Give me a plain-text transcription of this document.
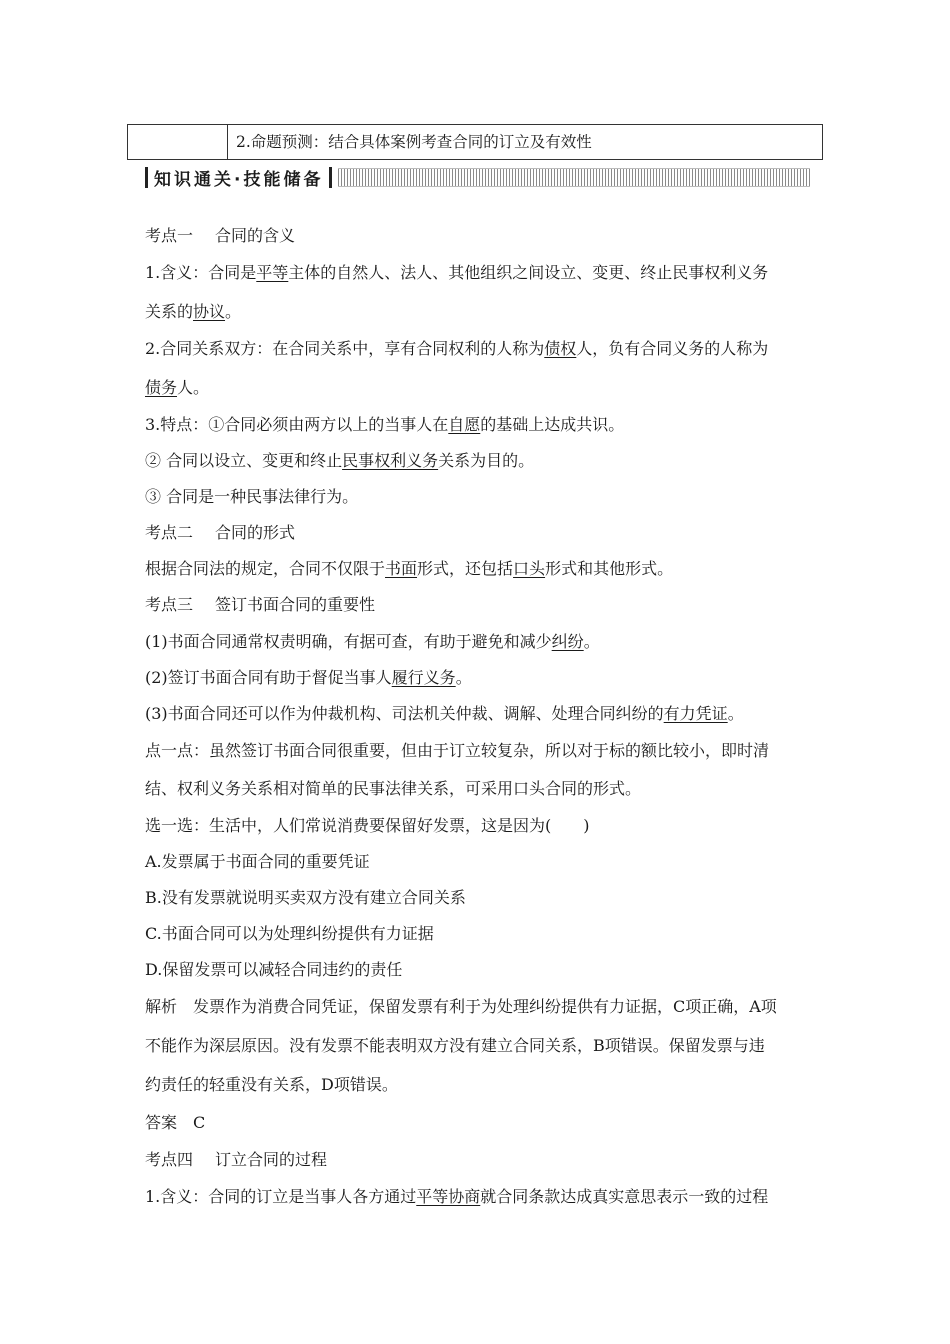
2.命题预测：结合具体案例考查合同的订立及有效性
知识通关·技能储备
考点一 合同的含义
1.含义：合同是平等主体的自然人、法人、其他组织之间设立、变更、终止民事权利义务
关系的协议。
2.合同关系双方：在合同关系中，享有合同权利的人称为债权人，负有合同义务的人称为
债务人。
3.特点：①合同必须由两方以上的当事人在自愿的基础上达成共识。
② 合同以设立、变更和终止民事权利义务关系为目的。
③ 合同是一种民事法律行为。
考点二 合同的形式
根据合同法的规定，合同不仅限于书面形式，还包括口头形式和其他形式。
考点三 签订书面合同的重要性
(1)书面合同通常权责明确，有据可查，有助于避免和减少纠纷。
(2)签订书面合同有助于督促当事人履行义务。
(3)书面合同还可以作为仲裁机构、司法机关仲裁、调解、处理合同纠纷的有力凭证。
点一点：虽然签订书面合同很重要，但由于订立较复杂，所以对于标的额比较小，即时清
结、权利义务关系相对简单的民事法律关系，可采用口头合同的形式。
选一选：生活中，人们常说消费要保留好发票，这是因为(　　)
A.发票属于书面合同的重要凭证
B.没有发票就说明买卖双方没有建立合同关系
C.书面合同可以为处理纠纷提供有力证据
D.保留发票可以减轻合同违约的责任
解析　发票作为消费合同凭证，保留发票有利于为处理纠纷提供有力证据，C项正确，A项
不能作为深层原因。没有发票不能表明双方没有建立合同关系，B项错误。保留发票与违
约责任的轻重没有关系，D项错误。
答案　C
考点四 订立合同的过程
1.含义：合同的订立是当事人各方通过平等协商就合同条款达成真实意思表示一致的过程
